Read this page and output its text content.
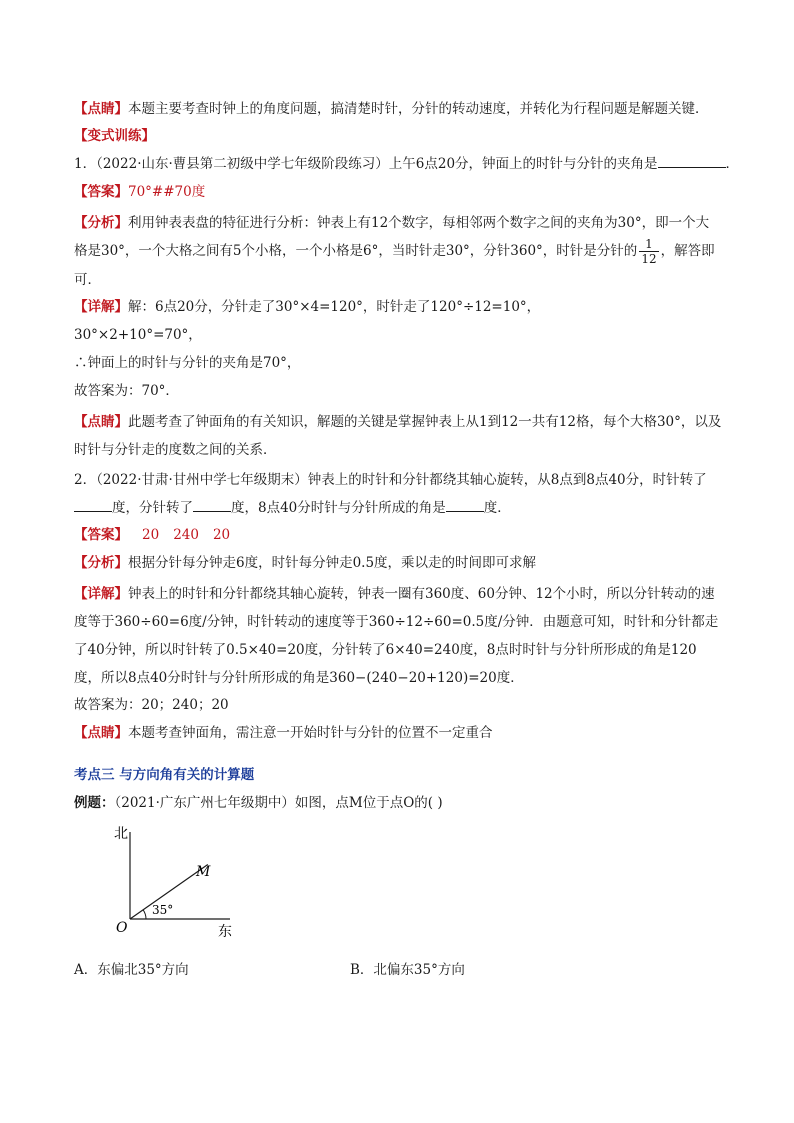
【点睛】本题主要考查时钟上的角度问题，搞清楚时针，分针的转动速度，并转化为行程问题是解题关键．
【变式训练】
1．（2022·山东·曹县第二初级中学七年级阶段练习）上午6点20分，钟面上的时针与分针的夹角是	．
【答案】70°##70度
【分析】利用钟表表盘的特征进行分析：钟表上有12个数字，每相邻两个数字之间的夹角为30°，即一个大格是30°，一个大格之间有5个小格，一个小格是6°，当时针走30°，分针360°，时针是分针的 $\frac{1}{12}$ ，解答即可．
【详解】解：6点20分，分针走了30°×4=120°，时针走了120°÷12=10°，
30°×2+10°=70°，
∴钟面上的时针与分针的夹角是70°，
故答案为：70°．
【点睛】此题考查了钟面角的有关知识，解题的关键是掌握钟表上从1到12一共有12格，每个大格30°，以及时针与分针走的度数之间的关系．
2．（2022·甘肃·甘州中学七年级期末）钟表上的时针和分针都绕其轴心旋转，从8点到8点40分，时针转了度，分针转了	度，8点40分时针与分针所成的角是	度．
【答案】 20 240 20
【分析】根据分针每分钟走6度，时针每分钟走0.5度，乘以走的时间即可求解
【详解】钟表上的时针和分针都绕其轴心旋转，钟表一圈有360度、60分钟、12个小时，所以分针转动的速度等于360÷60=6度/分钟，时针转动的速度等于360÷12÷60=0.5度/分钟．由题意可知，时针和分针都走了40分钟，所以时针转了0.5×40=20度，分针转了6×40=240度，8点时时针与分针所形成的角是120度，所以8点40分时针与分针所形成的角是360−(240−20+120)=20度．
故答案为：20；240；20
【点睛】本题考查钟面角，需注意一开始时针与分针的位置不一定重合
考点三 与方向角有关的计算题
例题：（2021·广东广州七年级期中）如图，点M位于点O的( )
北
东
O
M
35°
A．东偏北35°方向	B．北偏东35°方向
